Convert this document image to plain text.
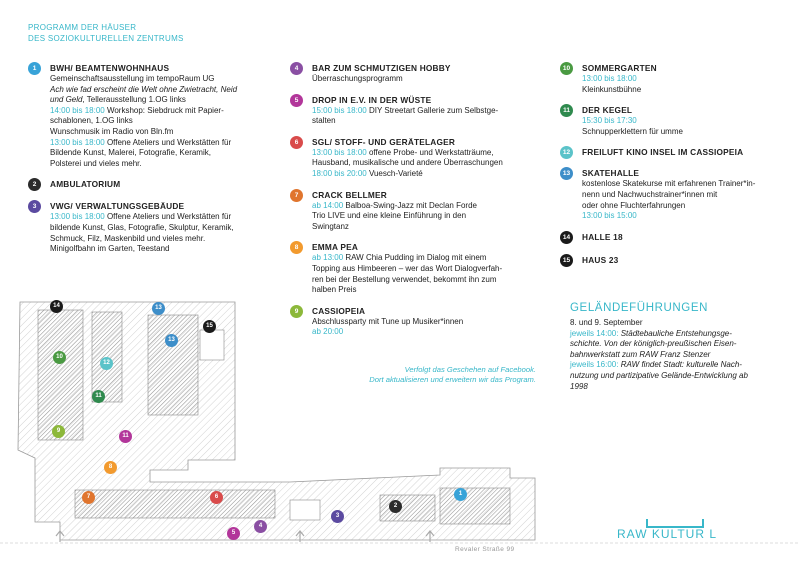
PROGRAMM DER HÄUSER
DES SOZIOKULTURELLEN ZENTRUMS
1	BWH/ BEAMTENWOHNHAUS
Gemeinschaftsausstellung im tempoRaum UG
Ach wie fad erscheint die Welt ohne Zwietracht, Neid
und Geld, Tellerausstellung 1.OG links
14:00 bis 18:00 Workshop: Siebdruck mit Papier-
schablonen, 1.OG links
Wunschmusik im Radio von Bln.fm
13:00 bis 18:00 Offene Ateliers und Werkstätten für
Bildende Kunst, Malerei, Fotografie, Keramik,
Polsterei und vieles mehr.
2	AMBULATORIUM
3	VWG/ VERWALTUNGSGEBÄUDE
13:00 bis 18:00 Offene Ateliers und Werkstätten für
bildende Kunst, Glas, Fotografie, Skulptur, Keramik,
Schmuck, Filz, Maskenbild und vieles mehr.
Minigolfbahn im Garten, Teestand
4	BAR ZUM SCHMUTZIGEN HOBBY
Überraschungsprogramm
5	DROP IN E.V. IN DER WÜSTE
15:00 bis 18:00 DIY Streetart Gallerie zum Selbstge-
stalten
6	SGL/ STOFF- UND GERÄTELAGER
13:00 bis 18:00 offene Probe- und Werkstatträume,
Hausband, musikalische und andere Überraschungen
18:00 bis 20:00 Vuesch-Varieté
7	CRACK BELLMER
ab 14:00 Balboa-Swing-Jazz mit Declan Forde
Trio LIVE und eine kleine Einführung in den
Swingtanz
8	EMMA PEA
ab 13:00 RAW Chia Pudding im Dialog mit einem
Topping aus Himbeeren – wer das Wort Dialogverfah-
ren bei der Bestellung verwendet, bekommt ihn zum
halben Preis
9	CASSIOPEIA
Abschlussparty mit Tune up Musiker*innen
ab 20:00
10	SOMMERGARTEN
13:00 bis 18:00
Kleinkunstbühne
11	DER KEGEL
15:30 bis 17:30
Schnupperklettern für umme
12	FREILUFT KINO INSEL IM CASSIOPEIA
13	SKATEHALLE
kostenlose Skatekurse mit erfahrenen Trainer*in-
nenn und Nachwuchstrainer*innen mit
oder ohne Fluchterfahrungen
13:00 bis 15:00
14	HALLE 18
15	HAUS 23
Verfolgt das Geschehen auf Facebook.
Dort aktualisieren und erweitern wir das Program.
GELÄNDEFÜHRUNGEN
8. und 9. September
jeweils 14:00: Städtebauliche Entstehungsge-
schichte. Von der königlich-preußischen Eisen-
bahnwerkstatt zum RAW Franz Stenzer
jeweils 16:00: RAW findet Stadt: kulturelle Nach-
nutzung und partizipative Gelände-Entwicklung ab
1998
RAW KULTUR L
Revaler Straße 99
14	13
15
13
10
12
11
9
11
8
7	6	1
2
3
4
5
